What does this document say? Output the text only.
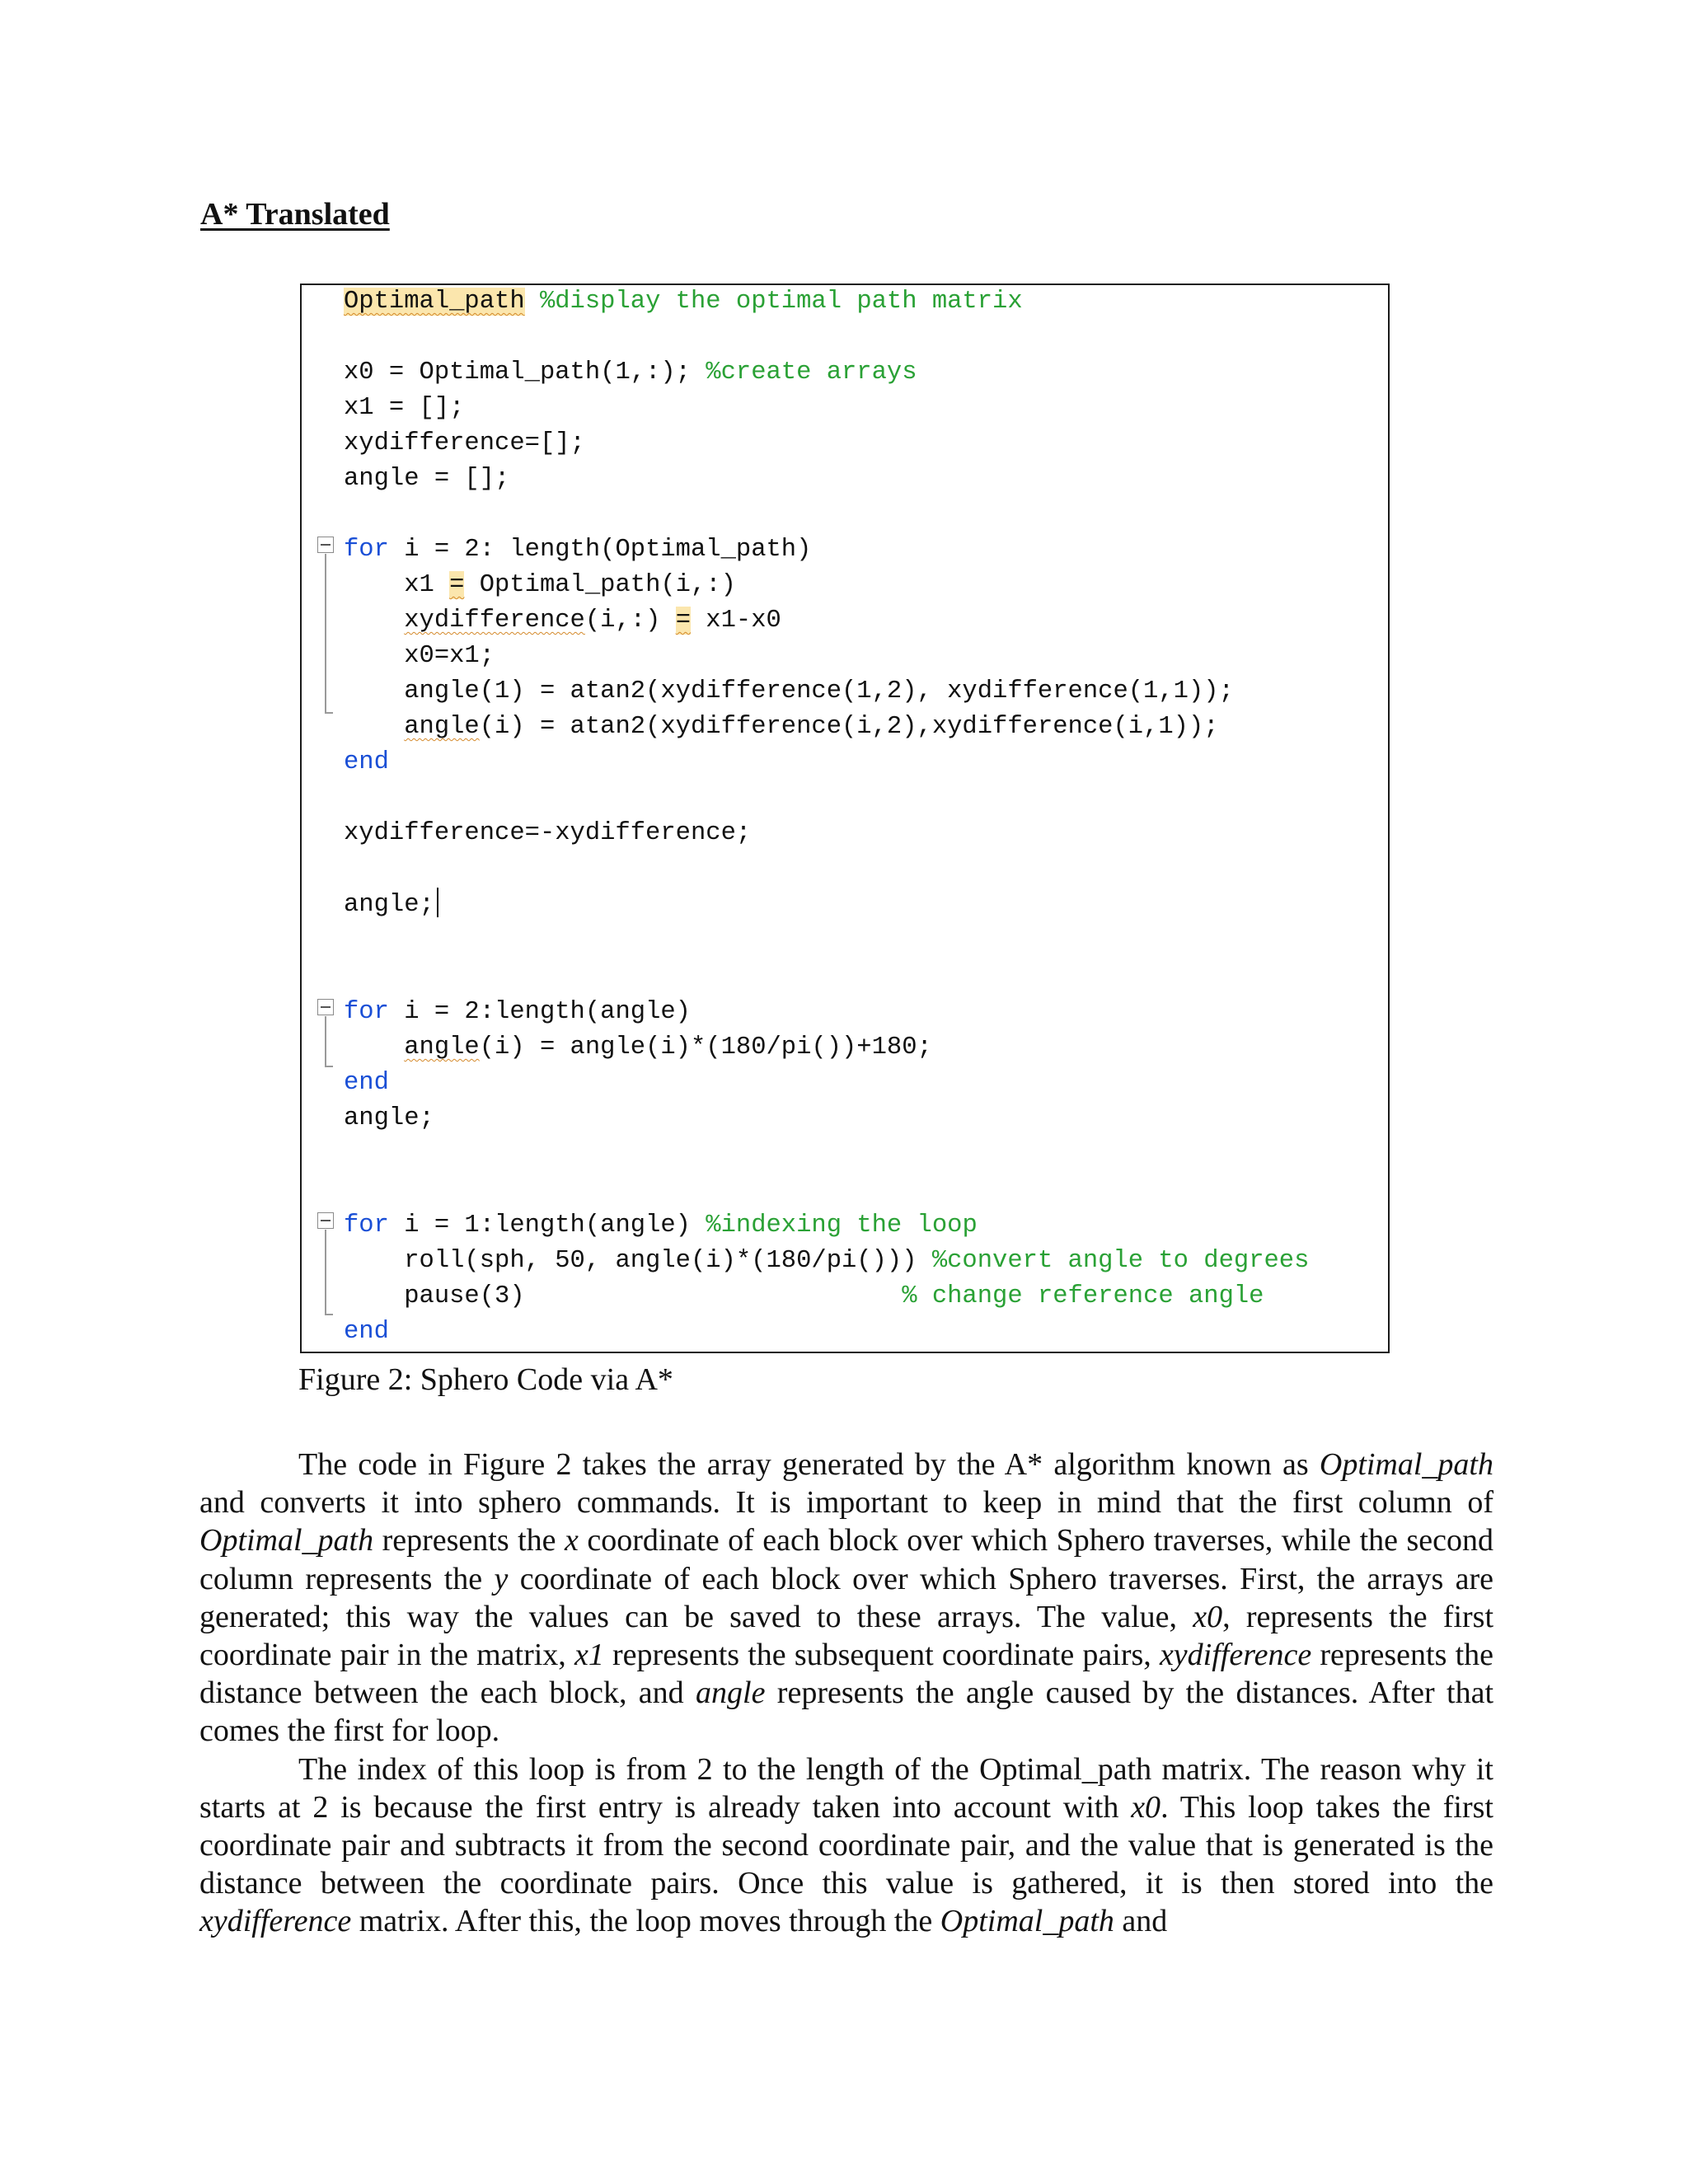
A* Translated
Optimal_path %display the optimal path matrix
x0 = Optimal_path(1,:); %create arrays
x1 = [];
xydifference=[];
angle = [];
for i = 2: length(Optimal_path)
x1 = Optimal_path(i,:)
xydifference(i,:) = x1-x0
x0=x1;
angle(1) = atan2(xydifference(1,2), xydifference(1,1));
angle(i) = atan2(xydifference(i,2),xydifference(i,1));
end
xydifference=-xydifference;
angle;
for i = 2:length(angle)
angle(i) = angle(i)*(180/pi())+180;
end
angle;
for i = 1:length(angle) %indexing the loop
roll(sph, 50, angle(i)*(180/pi())) %convert angle to degrees
pause(3)                         % change reference angle
end
Figure 2: Sphero Code via A*

The code in Figure 2 takes the array generated by the A* algorithm known as Optimal_path and converts it into sphero commands. It is important to keep in mind that the first column of Optimal_path represents the x coordinate of each block over which Sphero traverses, while the second column represents the y coordinate of each block over which Sphero traverses. First, the arrays are generated; this way the values can be saved to these arrays. The value, x0, represents the first coordinate pair in the matrix, x1 represents the subsequent coordinate pairs, xydifference represents the distance between the each block, and angle represents the angle caused by the distances. After that comes the first for loop.

The index of this loop is from 2 to the length of the Optimal_path matrix. The reason why it starts at 2 is because the first entry is already taken into account with x0. This loop takes the first coordinate pair and subtracts it from the second coordinate pair, and the value that is generated is the distance between the coordinate pairs. Once this value is gathered, it is then stored into the xydifference matrix. After this, the loop moves through the Optimal_path and
